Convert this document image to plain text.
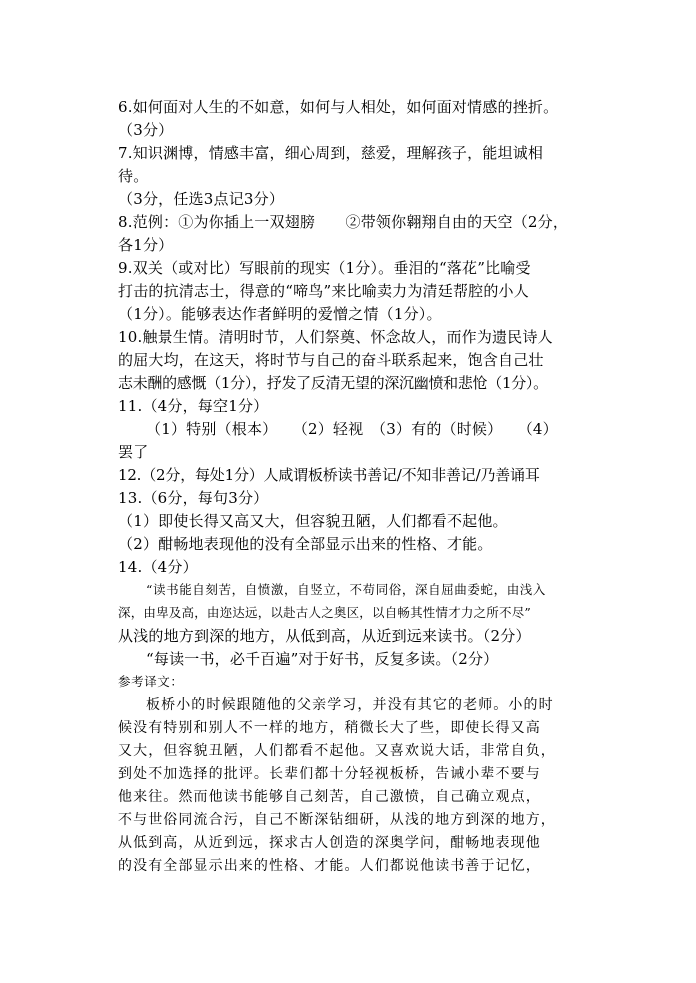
6.如何面对人生的不如意，如何与人相处，如何面对情感的挫折。
（3分）
7.知识渊博，情感丰富，细心周到，慈爱，理解孩子，能坦诚相
待。
（3分，任选3点记3分）
8.范例：①为你插上一双翅膀　　②带领你翱翔自由的天空（2分，
各1分）
9.双关（或对比）写眼前的现实（1分）。垂泪的“落花”比喻受
打击的抗清志士，得意的“啼鸟”来比喻卖力为清廷帮腔的小人
（1分）。能够表达作者鲜明的爱憎之情（1分）。
10.触景生情。清明时节，人们祭奠、怀念故人，而作为遗民诗人
的屈大均，在这天，将时节与自己的奋斗联系起来，饱含自己壮
志未酬的感慨（1分），抒发了反清无望的深沉幽愤和悲怆（1分）。
11.（4分，每空1分）
（1）特别（根本）　　（2）轻视　（3）有的（时候）　　（4）
罢了
12.（2分，每处1分）人咸谓板桥读书善记/不知非善记/乃善诵耳
13.（6分，每句3分）
（1）即使长得又高又大，但容貌丑陋，人们都看不起他。
（2）酣畅地表现他的没有全部显示出来的性格、才能。
14.（4分）
“读书能自刻苦，自愤激，自竖立，不苟同俗，深自屈曲委蛇，由浅入
深，由卑及高，由迩达远，以赴古人之奥区，以自畅其性情才力之所不尽”
从浅的地方到深的地方，从低到高，从近到远来读书。（2分）
“每读一书，必千百遍”对于好书，反复多读。（2分）
参考译文：
板桥小的时候跟随他的父亲学习，并没有其它的老师。小的时
候没有特别和别人不一样的地方，稍微长大了些，即使长得又高
又大，但容貌丑陋，人们都看不起他。又喜欢说大话，非常自负，
到处不加选择的批评。长辈们都十分轻视板桥，告诫小辈不要与
他来往。然而他读书能够自己刻苦，自己激愤，自己确立观点，
不与世俗同流合污，自己不断深钻细研，从浅的地方到深的地方，
从低到高，从近到远，探求古人创造的深奥学问，酣畅地表现他
的没有全部显示出来的性格、才能。人们都说他读书善于记忆，
